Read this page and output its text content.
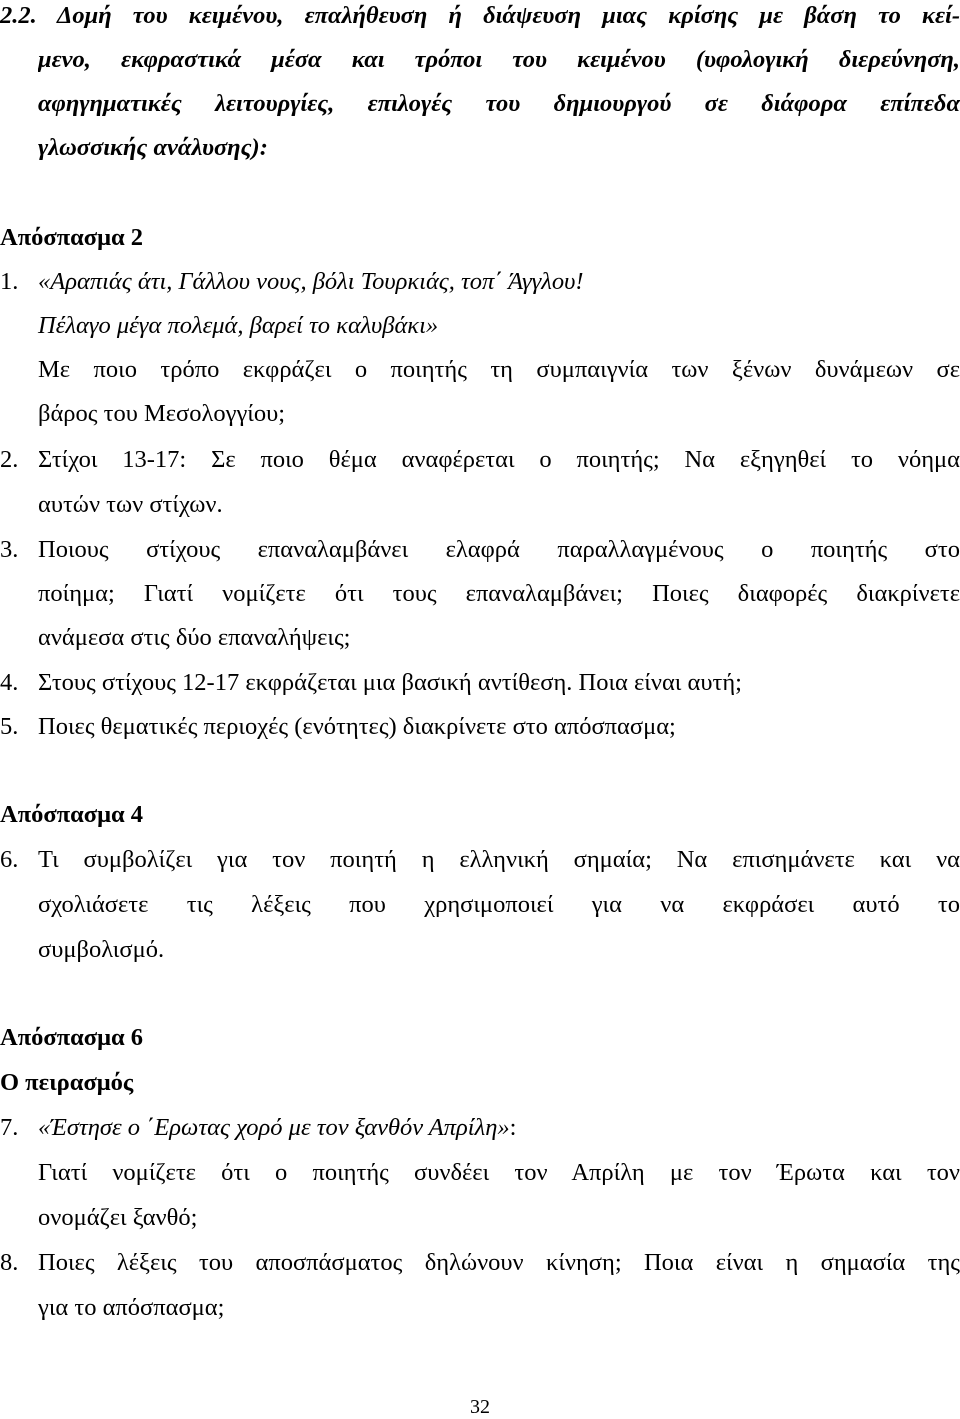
2.2. Δομή του κειμένου, επαλήθευση ή διάψευση μιας κρίσης με βάση το κεί-
μενο, εκφραστικά μέσα και τρόποι του κειμένου (υφολογική διερεύνηση,
αφηγηματικές λειτουργίες, επιλογές του δημιουργού σε διάφορα επίπεδα
γλωσσικής ανάλυσης):
Απόσπασμα 2
1. «Αραπιάς άτι, Γάλλου νους, βόλι Τουρκιάς, τοπ΄ Άγγλου!
Πέλαγο μέγα πολεμά, βαρεί το καλυβάκι»
Με ποιο τρόπο εκφράζει ο ποιητής τη συμπαιγνία των ξένων δυνάμεων σε
βάρος του Μεσολογγίου;
2. Στίχοι 13-17: Σε ποιο θέμα αναφέρεται ο ποιητής; Να εξηγηθεί το νόημα
αυτών των στίχων.
3. Ποιους στίχους επαναλαμβάνει ελαφρά παραλλαγμένους ο ποιητής στο
ποίημα; Γιατί νομίζετε ότι τους επαναλαμβάνει; Ποιες διαφορές διακρίνετε
ανάμεσα στις δύο επαναλήψεις;
4. Στους στίχους 12-17 εκφράζεται μια βασική αντίθεση. Ποια είναι αυτή;
5. Ποιες θεματικές περιοχές (ενότητες) διακρίνετε στο απόσπασμα;
Απόσπασμα 4
6. Τι συμβολίζει για τον ποιητή η ελληνική σημαία; Να επισημάνετε και να
σχολιάσετε τις λέξεις που χρησιμοποιεί για να εκφράσει αυτό το
συμβολισμό.
Απόσπασμα 6
Ο πειρασμός
7. «Έστησε ο ΄Ερωτας χορό με τον ξανθόν Απρίλη»:
Γιατί νομίζετε ότι ο ποιητής συνδέει τον Απρίλη με τον Έρωτα και τον
ονομάζει ξανθό;
8. Ποιες λέξεις του αποσπάσματος δηλώνουν κίνηση; Ποια είναι η σημασία της
για το απόσπασμα;
32
